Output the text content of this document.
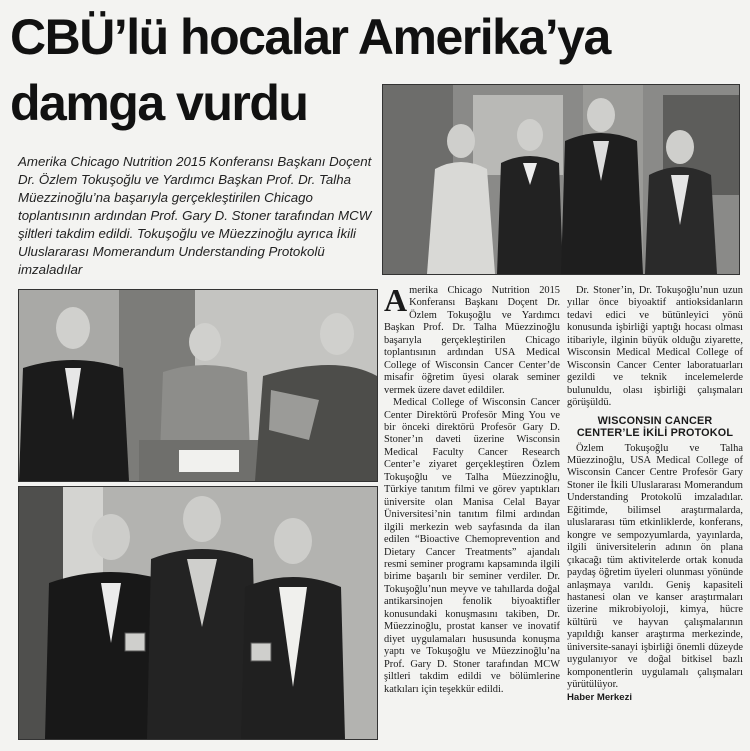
CBÜ’lü hocalar Amerika’ya
damga vurdu

Amerika Chicago Nutrition 2015 Konferansı Başkanı Doçent Dr. Özlem Tokuşoğlu ve Yardımcı Başkan Prof. Dr. Talha Müezzinoğlu’na başarıyla gerçekleştirilen Chicago toplantısının ardından Prof. Gary D. Stoner tarafından MCW şiltleri takdim edildi. Tokuşoğlu ve Müezzinoğlu ayrıca İkili Uluslararası Momerandum Understanding Protokolü imzaladılar

Amerika Chicago Nutrition 2015 Konferansı Başkanı Doçent Dr. Özlem Tokuşoğlu ve Yardımcı Başkan Prof. Dr. Talha Müezzinoğlu başarıyla gerçekleştirilen Chicago toplantısının ardından USA Medical College of Wisconsin Cancer Center’de misafir öğretim üyesi olarak seminer vermek üzere davet edildiler.

Medical College of Wisconsin Cancer Center Direktörü Profesör Ming You ve bir önceki direktörü Profesör Gary D. Stoner’ın daveti üzerine Wisconsin Medical Faculty Cancer Research Center’e ziyaret gerçekleştiren Özlem Tokuşoğlu ve Talha Müezzinoğlu, Türkiye tanıtım filmi ve görev yaptıkları üniversite olan Manisa Celal Bayar Üniversitesi’nin tanıtım filmi ardından ilgili merkezin web sayfasında da ilan edilen “Bioactive Chemoprevention and Dietary Cancer Treatments” ajandalı resmi seminer programı kapsamında ilgili birime başarılı bir seminer verdiler. Dr. Tokuşoğlu’nun meyve ve tahıllarda doğal antikarsinojen fenolik biyoaktifler konusundaki konuşmasını takiben, Dr. Müezzinoğlu, prostat kanser ve inovatif diyet uygulamaları hususunda konuşma yaptı ve Tokuşoğlu ve Müezzinoğlu’na Prof. Gary D. Stoner tarafından MCW şiltleri takdim edildi ve bölümlerine katkıları için teşekkür edildi.

Dr. Stoner’in, Dr. Tokuşoğlu’nun uzun yıllar önce biyoaktif antioksidanların tedavi edici ve bütünleyici yönü konusunda işbirliği yaptığı hocası olması itibariyle, ilginin büyük olduğu ziyarette, Wisconsin Medical Medical College of Wisconsin Cancer Center laboratuarları gezildi ve teknik incelemelerde bulunuldu, olası işbirliği çalışmaları görüşüldü.

WISCONSIN CANCER CENTER’LE İKİLİ PROTOKOL

Özlem Tokuşoğlu ve Talha Müezzinoğlu, USA Medical College of Wisconsin Cancer Centre Profesör Gary Stoner ile İkili Uluslararası Momerandum Understanding Protokolü imzaladılar. Eğitimde, bilimsel araştırmalarda, uluslararası tüm etkinliklerde, konferans, kongre ve sempozyumlarda, yayınlarda, ilgili üniversitelerin adının ön plana çıkacağı tüm aktivitelerde ortak konuda paydaş öğretim üyeleri olunması yönünde anlaşmaya varıldı. Geniş kapasiteli hastanesi olan ve kanser araştırmaları üzerine mikrobiyoloji, kimya, hücre kültürü ve hayvan çalışmalarının yapıldığı kanser araştırma merkezinde, üniversite-sanayi işbirliği önemli düzeyde uygulanıyor ve doğal bitkisel bazlı komponentlerin uygulamalı çalışmaları yürütülüyor.

Haber Merkezi
